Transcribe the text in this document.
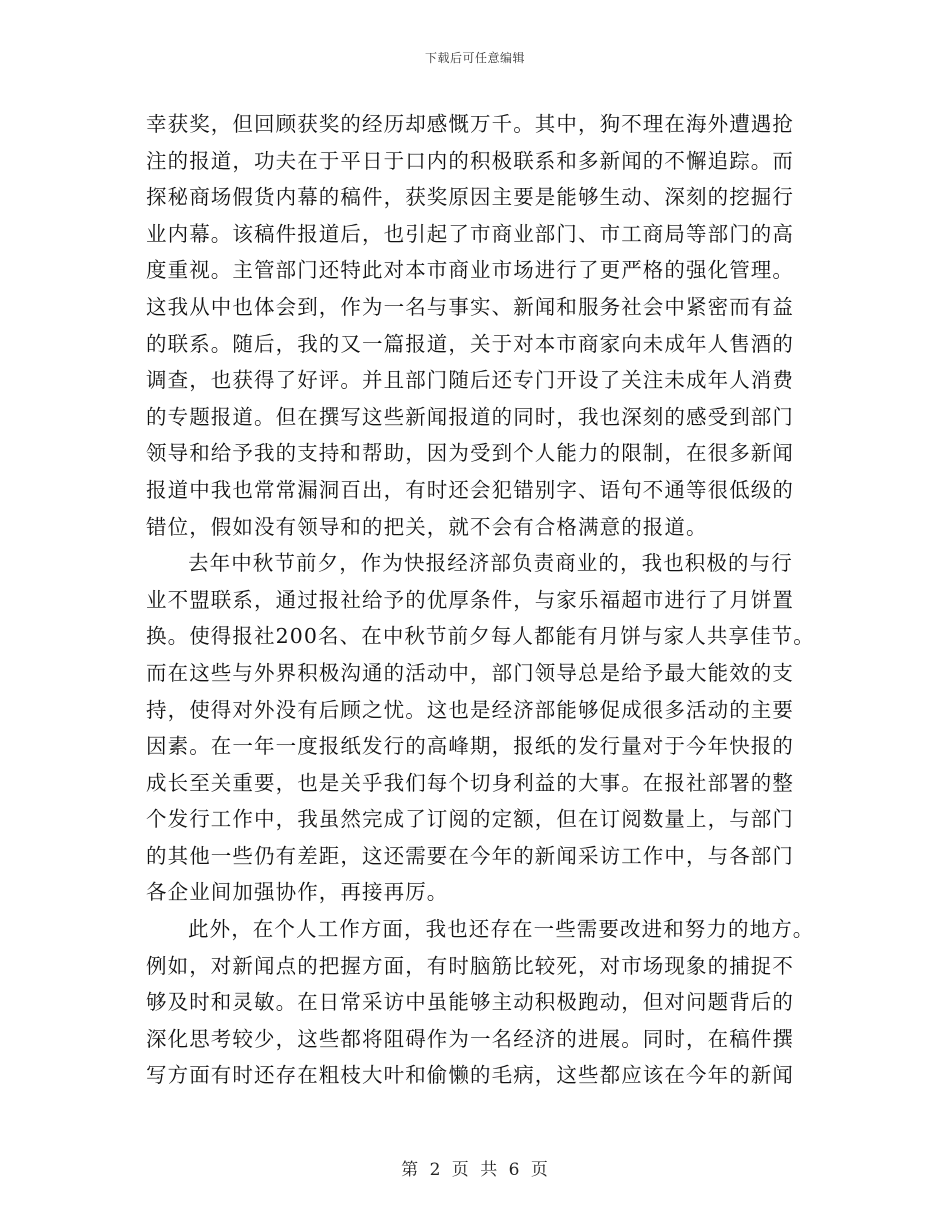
下载后可任意编辑
幸获奖，但回顾获奖的经历却感慨万千。其中，狗不理在海外遭遇抢
注的报道，功夫在于平日于口内的积极联系和多新闻的不懈追踪。而
探秘商场假货内幕的稿件，获奖原因主要是能够生动、深刻的挖掘行
业内幕。该稿件报道后，也引起了市商业部门、市工商局等部门的高
度重视。主管部门还特此对本市商业市场进行了更严格的强化管理。
这我从中也体会到，作为一名与事实、新闻和服务社会中紧密而有益
的联系。随后，我的又一篇报道，关于对本市商家向未成年人售酒的
调查，也获得了好评。并且部门随后还专门开设了关注未成年人消费
的专题报道。但在撰写这些新闻报道的同时，我也深刻的感受到部门
领导和给予我的支持和帮助，因为受到个人能力的限制，在很多新闻
报道中我也常常漏洞百出，有时还会犯错别字、语句不通等很低级的
错位，假如没有领导和的把关，就不会有合格满意的报道。
去年中秋节前夕，作为快报经济部负责商业的，我也积极的与行
业不盟联系，通过报社给予的优厚条件，与家乐福超市进行了月饼置
换。使得报社200名、在中秋节前夕每人都能有月饼与家人共享佳节。
而在这些与外界积极沟通的活动中，部门领导总是给予最大能效的支
持，使得对外没有后顾之忧。这也是经济部能够促成很多活动的主要
因素。在一年一度报纸发行的高峰期，报纸的发行量对于今年快报的
成长至关重要，也是关乎我们每个切身利益的大事。在报社部署的整
个发行工作中，我虽然完成了订阅的定额，但在订阅数量上，与部门
的其他一些仍有差距，这还需要在今年的新闻采访工作中，与各部门
各企业间加强协作，再接再厉。
此外，在个人工作方面，我也还存在一些需要改进和努力的地方。
例如，对新闻点的把握方面，有时脑筋比较死，对市场现象的捕捉不
够及时和灵敏。在日常采访中虽能够主动积极跑动，但对问题背后的
深化思考较少，这些都将阻碍作为一名经济的进展。同时，在稿件撰
写方面有时还存在粗枝大叶和偷懒的毛病，这些都应该在今年的新闻
第 2 页 共 6 页
